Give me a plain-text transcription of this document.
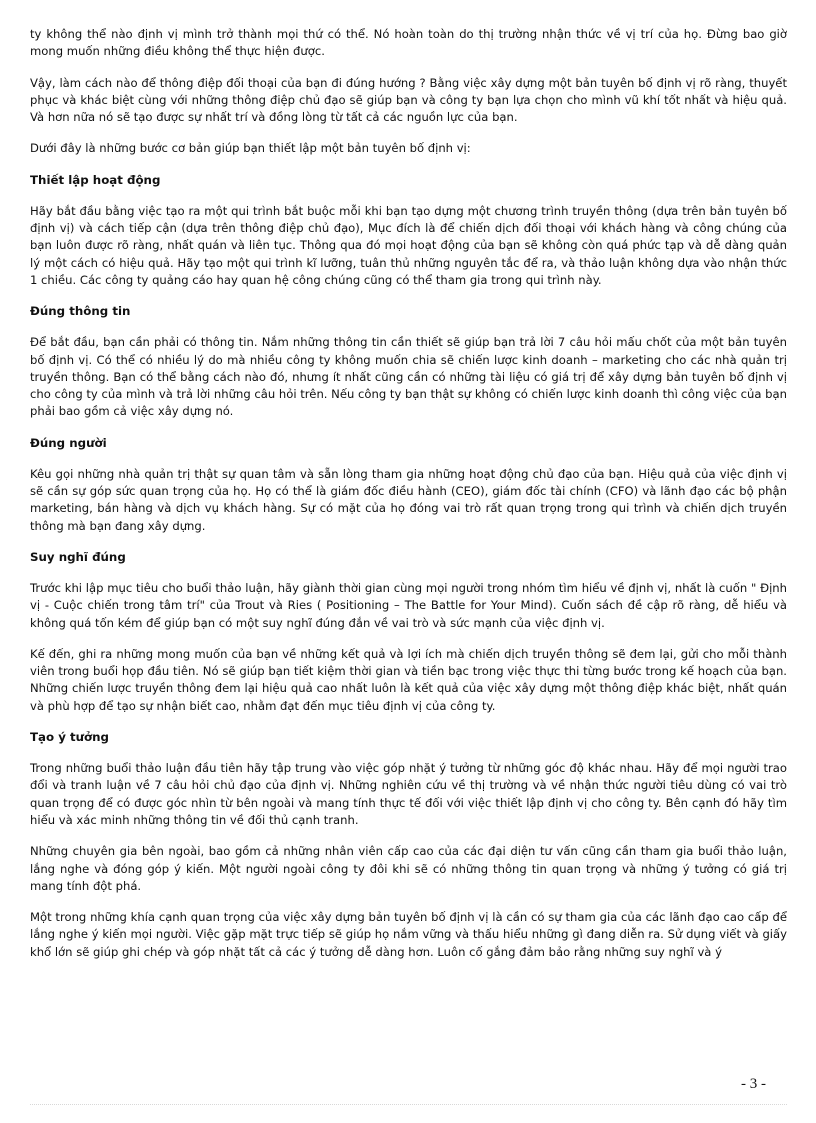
ty không thể nào định vị mình trở thành mọi thứ có thể. Nó hoàn toàn do thị trường nhận thức về vị trí của họ. Đừng bao giờ mong muốn những điều không thể thực hiện được.

Vậy, làm cách nào để thông điệp đối thoại của bạn đi đúng hướng ? Bằng việc xây dựng một bản tuyên bố định vị rõ ràng, thuyết phục và khác biệt cùng với những thông điệp chủ đạo sẽ giúp bạn và công ty bạn lựa chọn cho mình vũ khí tốt nhất và hiệu quả. Và hơn nữa nó sẽ tạo được sự nhất trí và đồng lòng từ tất cả các nguồn lực của bạn.

Dưới đây là những bước cơ bản giúp bạn thiết lập một bản tuyên bố định vị:

Thiết lập hoạt động

Hãy bắt đầu bằng việc tạo ra một qui trình bắt buộc mỗi khi bạn tạo dựng một chương trình truyền thông (dựa trên bản tuyên bố định vị) và cách tiếp cận (dựa trên thông điệp chủ đạo), Mục đích là để chiến dịch đối thoại với khách hàng và công chúng của bạn luôn được rõ ràng, nhất quán và liên tục. Thông qua đó mọi hoạt động của bạn sẽ không còn quá phức tạp và dễ dàng quản lý một cách có hiệu quả. Hãy tạo một qui trình kĩ lưỡng, tuân thủ những nguyên tắc để ra, và thảo luận không dựa vào nhận thức 1 chiều. Các công ty quảng cáo hay quan hệ công chúng cũng có thể tham gia trong qui trình này.

Đúng thông tin

Để bắt đầu, bạn cần phải có thông tin. Nắm những thông tin cần thiết sẽ giúp bạn trả lời 7 câu hỏi mấu chốt của một bản tuyên bố định vị. Có thể có nhiều lý do mà nhiều công ty không muốn chia sẽ chiến lược kinh doanh – marketing cho các nhà quản trị truyền thông. Bạn có thể bằng cách nào đó, nhưng ít nhất cũng cần có những tài liệu có giá trị để xây dựng bản tuyên bố định vị cho công ty của mình và trả lời những câu hỏi trên. Nếu công ty bạn thật sự không có chiến lược kinh doanh thì công việc của bạn phải bao gồm cả việc xây dựng nó.

Đúng người

Kêu gọi những nhà quản trị thật sự quan tâm và sẵn lòng tham gia những hoạt động chủ đạo của bạn. Hiệu quả của việc định vị sẽ cần sự góp sức quan trọng của họ. Họ có thể là giám đốc điều hành (CEO), giám đốc tài chính (CFO) và lãnh đạo các bộ phận marketing, bán hàng và dịch vụ khách hàng. Sự có mặt của họ đóng vai trò rất quan trọng trong qui trình và chiến dịch truyền thông mà bạn đang xây dựng.

Suy nghĩ đúng

Trước khi lập mục tiêu cho buổi thảo luận, hãy giành thời gian cùng mọi người trong nhóm tìm hiểu về định vị, nhất là cuốn " Định vị - Cuộc chiến trong tâm trí" của Trout và Ries ( Positioning – The Battle for Your Mind). Cuốn sách đề cập rõ ràng, dễ hiểu và không quá tốn kém để giúp bạn có một suy nghĩ đúng đắn về vai trò và sức mạnh của việc định vị.

Kế đến, ghi ra những mong muốn của bạn về những kết quả và lợi ích mà chiến dịch truyền thông sẽ đem lại, gửi cho mỗi thành viên trong buổi họp đầu tiên. Nó sẽ giúp bạn tiết kiệm thời gian và tiền bạc trong việc thực thi từng bước trong kế hoạch của bạn. Những chiến lược truyền thông đem lại hiệu quả cao nhất luôn là kết quả của việc xây dựng một thông điệp khác biệt, nhất quán và phù hợp để tạo sự nhận biết cao, nhằm đạt đến mục tiêu định vị của công ty.

Tạo ý tưởng

Trong những buổi thảo luận đầu tiên hãy tập trung vào việc góp nhặt ý tưởng từ những góc độ khác nhau. Hãy để mọi người trao đổi và tranh luận về 7 câu hỏi chủ đạo của định vị. Những nghiên cứu về thị trường và về nhận thức người tiêu dùng có vai trò quan trọng để có được góc nhìn từ bên ngoài và mang tính thực tế đối với việc thiết lập định vị cho công ty. Bên cạnh đó hãy tìm hiểu và xác minh những thông tin về đối thủ cạnh tranh.

Những chuyên gia bên ngoài, bao gồm cả những nhân viên cấp cao của các đại diện tư vấn cũng cần tham gia buổi thảo luận, lắng nghe và đóng góp ý kiến. Một người ngoài công ty đôi khi sẽ có những thông tin quan trọng và những ý tưởng có giá trị mang tính đột phá.

Một trong những khía cạnh quan trọng của việc xây dựng bản tuyên bố định vị là cần có sự tham gia của các lãnh đạo cao cấp để lắng nghe ý kiến mọi người. Việc gặp mặt trực tiếp sẽ giúp họ nắm vững và thấu hiểu những gì đang diễn ra. Sử dụng viết và giấy khổ lớn sẽ giúp ghi chép và góp nhặt tất cả các ý tưởng dễ dàng hơn. Luôn cố gắng đảm bảo rằng những suy nghĩ và ý

- 3 -
